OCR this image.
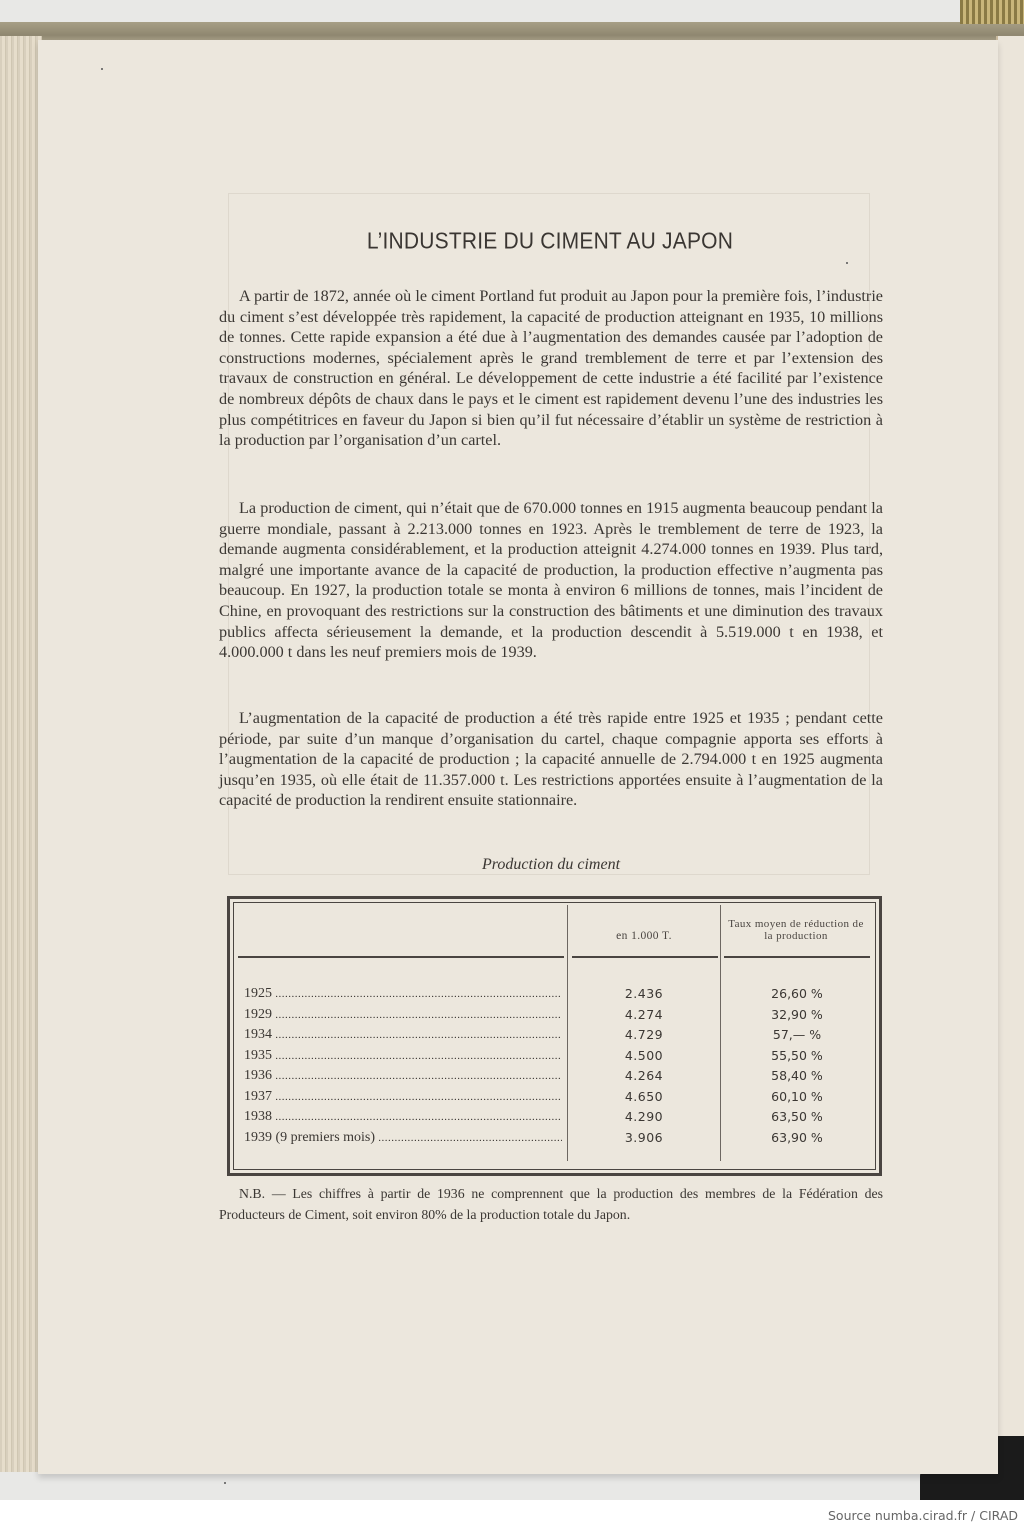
L’INDUSTRIE DU CIMENT AU JAPON

A partir de 1872, année où le ciment Portland fut produit au Japon pour la première fois, l’industrie du ciment s’est développée très rapidement, la capacité de production atteignant en 1935, 10 millions de tonnes. Cette rapide expansion a été due à l’augmentation des demandes causée par l’adoption de constructions modernes, spécialement après le grand tremblement de terre et par l’extension des travaux de construction en général. Le développement de cette industrie a été facilité par l’existence de nombreux dépôts de chaux dans le pays et le ciment est rapidement devenu l’une des industries les plus compétitrices en faveur du Japon si bien qu’il fut nécessaire d’établir un système de restriction à la production par l’organisation d’un cartel.

La production de ciment, qui n’était que de 670.000 tonnes en 1915 augmenta beaucoup pendant la guerre mondiale, passant à 2.213.000 tonnes en 1923. Après le tremblement de terre de 1923, la demande augmenta considérablement, et la production atteignit 4.274.000 tonnes en 1939. Plus tard, malgré une importante avance de la capacité de production, la production effective n’augmenta pas beaucoup. En 1927, la production totale se monta à environ 6 millions de tonnes, mais l’incident de Chine, en provoquant des restrictions sur la construction des bâtiments et une diminution des travaux publics affecta sérieusement la demande, et la production descendit à 5.519.000 t en 1938, et 4.000.000 t dans les neuf premiers mois de 1939.

L’augmentation de la capacité de production a été très rapide entre 1925 et 1935 ; pendant cette période, par suite d’un manque d’organisation du cartel, chaque compagnie apporta ses efforts à l’augmentation de la capacité de production ; la capacité annuelle de 2.794.000 t en 1925 augmenta jusqu’en 1935, où elle était de 11.357.000 t. Les restrictions apportées ensuite à l’augmentation de la capacité de production la rendirent ensuite stationnaire.

Production du ciment
en 1.000 T.
Taux moyen de réduction de la production
1925 .....	2.436	26,60 %
1929 .....	4.274	32,90 %
1934 .....	4.729	57,— %
1935 .....	4.500	55,50 %
1936 .....	4.264	58,40 %
1937 .....	4.650	60,10 %
1938 .....	4.290	63,50 %
1939 (9 premiers mois) .....	3.906	63,90 %

N.B. — Les chiffres à partir de 1936 ne comprennent que la production des membres de la Fédération des Producteurs de Ciment, soit environ 80% de la production totale du Japon.

Source numba.cirad.fr / CIRAD
